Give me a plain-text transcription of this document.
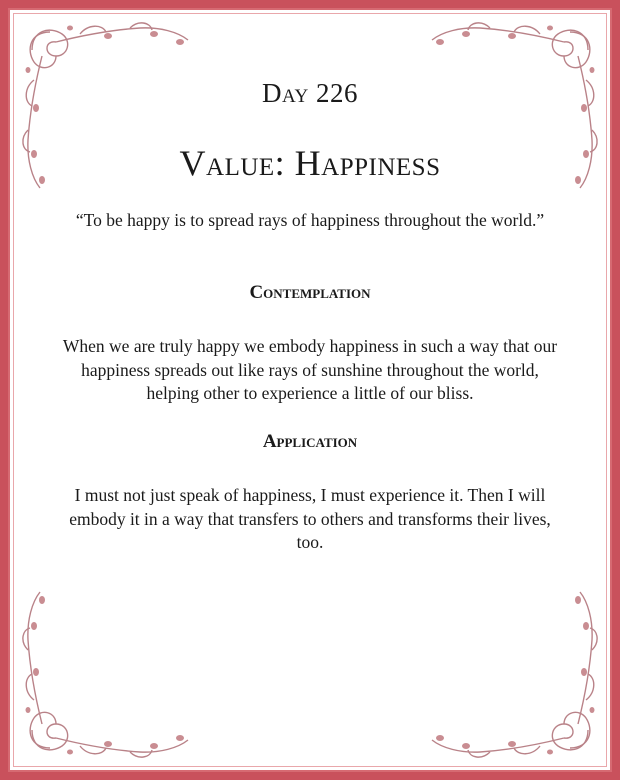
Day 226
Value: Happiness
“To be happy is to spread rays of happiness throughout the world.”
Contemplation
When we are truly happy we embody happiness in such a way that our happiness spreads out like rays of sunshine throughout the world, helping other to experience a little of our bliss.
Application
I must not just speak of happiness, I must experience it. Then I will embody it in a way that transfers to others and transforms their lives, too.
